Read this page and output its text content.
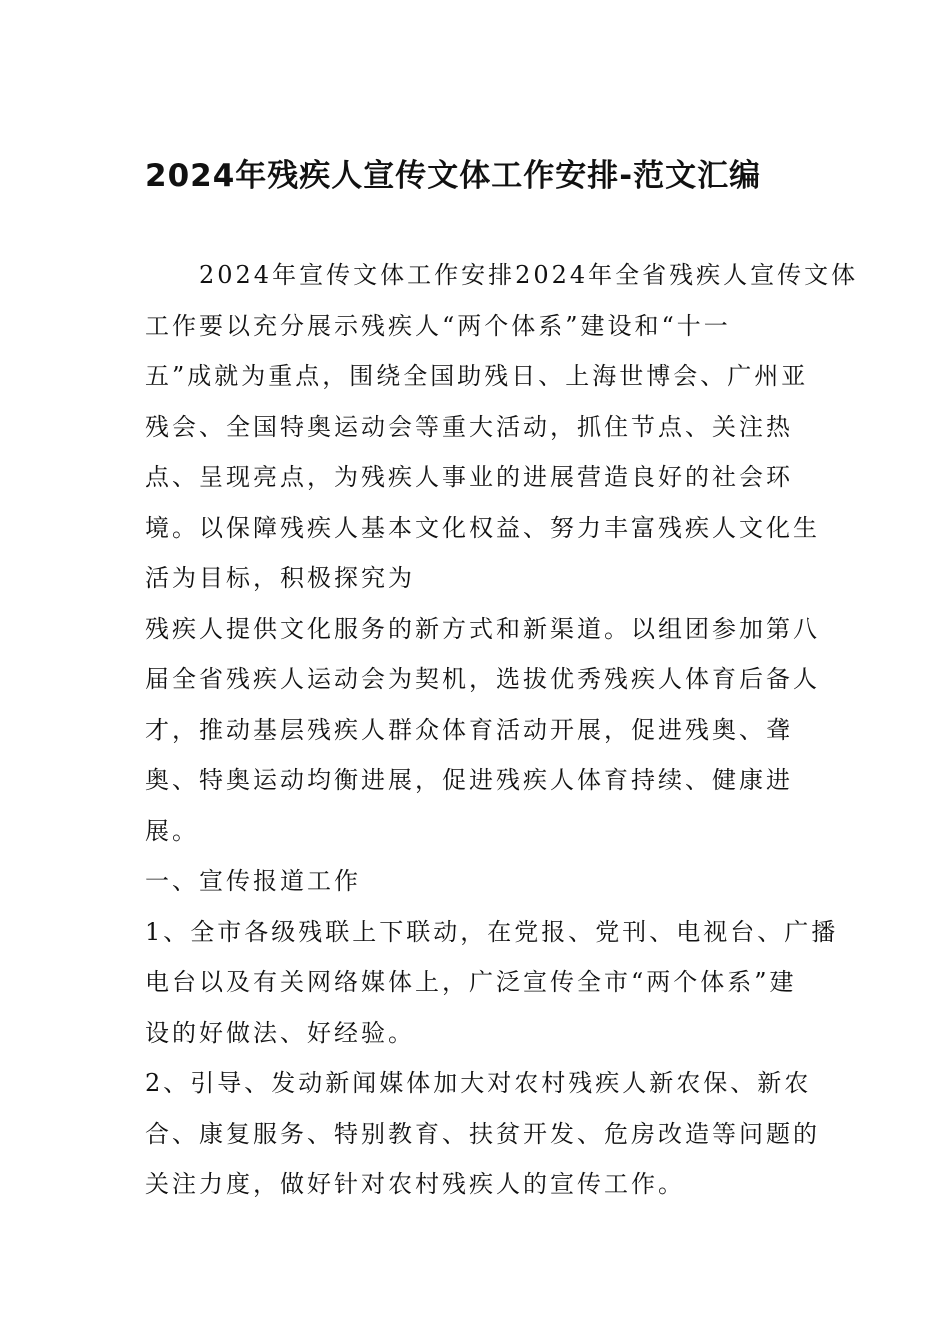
2024年残疾人宣传文体工作安排-范文汇编
　　2024年宣传文体工作安排2024年全省残疾人宣传文体
工作要以充分展示残疾人“两个体系”建设和“十一
五”成就为重点，围绕全国助残日、上海世博会、广州亚
残会、全国特奥运动会等重大活动，抓住节点、关注热
点、呈现亮点，为残疾人事业的进展营造良好的社会环
境。以保障残疾人基本文化权益、努力丰富残疾人文化生
活为目标，积极探究为
残疾人提供文化服务的新方式和新渠道。以组团参加第八
届全省残疾人运动会为契机，选拔优秀残疾人体育后备人
才，推动基层残疾人群众体育活动开展，促进残奥、聋
奥、特奥运动均衡进展，促进残疾人体育持续、健康进
展。
一、宣传报道工作
1、全市各级残联上下联动，在党报、党刊、电视台、广播
电台以及有关网络媒体上，广泛宣传全市“两个体系”建
设的好做法、好经验。
2、引导、发动新闻媒体加大对农村残疾人新农保、新农
合、康复服务、特别教育、扶贫开发、危房改造等问题的
关注力度，做好针对农村残疾人的宣传工作。
